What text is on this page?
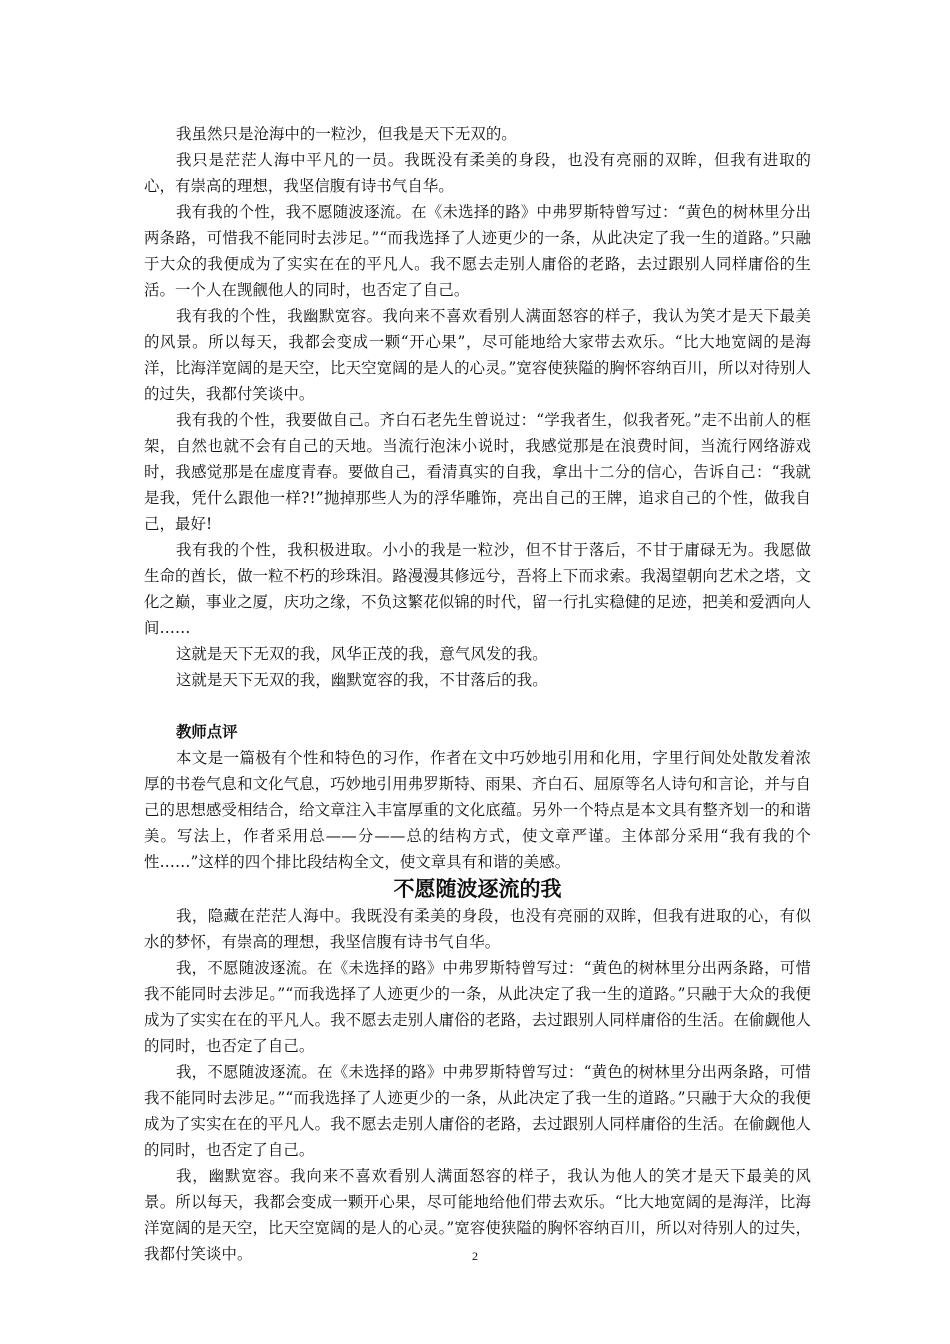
我虽然只是沧海中的一粒沙，但我是天下无双的。

我只是茫茫人海中平凡的一员。我既没有柔美的身段，也没有亮丽的双眸，但我有进取的心，有崇高的理想，我坚信腹有诗书气自华。

我有我的个性，我不愿随波逐流。在《未选择的路》中弗罗斯特曾写过：“黄色的树林里分出两条路，可惜我不能同时去涉足。”“而我选择了人迹更少的一条，从此决定了我一生的道路。”只融于大众的我便成为了实实在在的平凡人。我不愿去走别人庸俗的老路，去过跟别人同样庸俗的生活。一个人在觊觎他人的同时，也否定了自己。

我有我的个性，我幽默宽容。我向来不喜欢看别人满面怒容的样子，我认为笑才是天下最美的风景。所以每天，我都会变成一颗“开心果”，尽可能地给大家带去欢乐。“比大地宽阔的是海洋，比海洋宽阔的是天空，比天空宽阔的是人的心灵。”宽容使狭隘的胸怀容纳百川，所以对待别人的过失，我都付笑谈中。

我有我的个性，我要做自己。齐白石老先生曾说过：“学我者生，似我者死。”走不出前人的框架，自然也就不会有自己的天地。当流行泡沫小说时，我感觉那是在浪费时间，当流行网络游戏时，我感觉那是在虚度青春。要做自己，看清真实的自我，拿出十二分的信心，告诉自己：“我就是我，凭什么跟他一样?!”抛掉那些人为的浮华雕饰，亮出自己的王牌，追求自己的个性，做我自己，最好!

我有我的个性，我积极进取。小小的我是一粒沙，但不甘于落后，不甘于庸碌无为。我愿做生命的酋长，做一粒不朽的珍珠泪。路漫漫其修远兮，吾将上下而求索。我渴望朝向艺术之塔，文化之巅，事业之厦，庆功之缘，不负这繁花似锦的时代，留一行扎实稳健的足迹，把美和爱洒向人间……

这就是天下无双的我，风华正茂的我，意气风发的我。

这就是天下无双的我，幽默宽容的我，不甘落后的我。

教师点评

本文是一篇极有个性和特色的习作，作者在文中巧妙地引用和化用，字里行间处处散发着浓厚的书卷气息和文化气息，巧妙地引用弗罗斯特、雨果、齐白石、屈原等名人诗句和言论，并与自己的思想感受相结合，给文章注入丰富厚重的文化底蕴。另外一个特点是本文具有整齐划一的和谐美。写法上，作者采用总——分——总的结构方式，使文章严谨。主体部分采用“我有我的个性……”这样的四个排比段结构全文，使文章具有和谐的美感。

不愿随波逐流的我

我，隐藏在茫茫人海中。我既没有柔美的身段，也没有亮丽的双眸，但我有进取的心，有似水的梦怀，有崇高的理想，我坚信腹有诗书气自华。

我，不愿随波逐流。在《未选择的路》中弗罗斯特曾写过：“黄色的树林里分出两条路，可惜我不能同时去涉足。”“而我选择了人迹更少的一条，从此决定了我一生的道路。”只融于大众的我便成为了实实在在的平凡人。我不愿去走别人庸俗的老路，去过跟别人同样庸俗的生活。在偷觑他人的同时，也否定了自己。

我，不愿随波逐流。在《未选择的路》中弗罗斯特曾写过：“黄色的树林里分出两条路，可惜我不能同时去涉足。”“而我选择了人迹更少的一条，从此决定了我一生的道路。”只融于大众的我便成为了实实在在的平凡人。我不愿去走别人庸俗的老路，去过跟别人同样庸俗的生活。在偷觑他人的同时，也否定了自己。

我，幽默宽容。我向来不喜欢看别人满面怒容的样子，我认为他人的笑才是天下最美的风景。所以每天，我都会变成一颗开心果，尽可能地给他们带去欢乐。“比大地宽阔的是海洋，比海洋宽阔的是天空，比天空宽阔的是人的心灵。”宽容使狭隘的胸怀容纳百川，所以对待别人的过失，我都付笑谈中。	2
